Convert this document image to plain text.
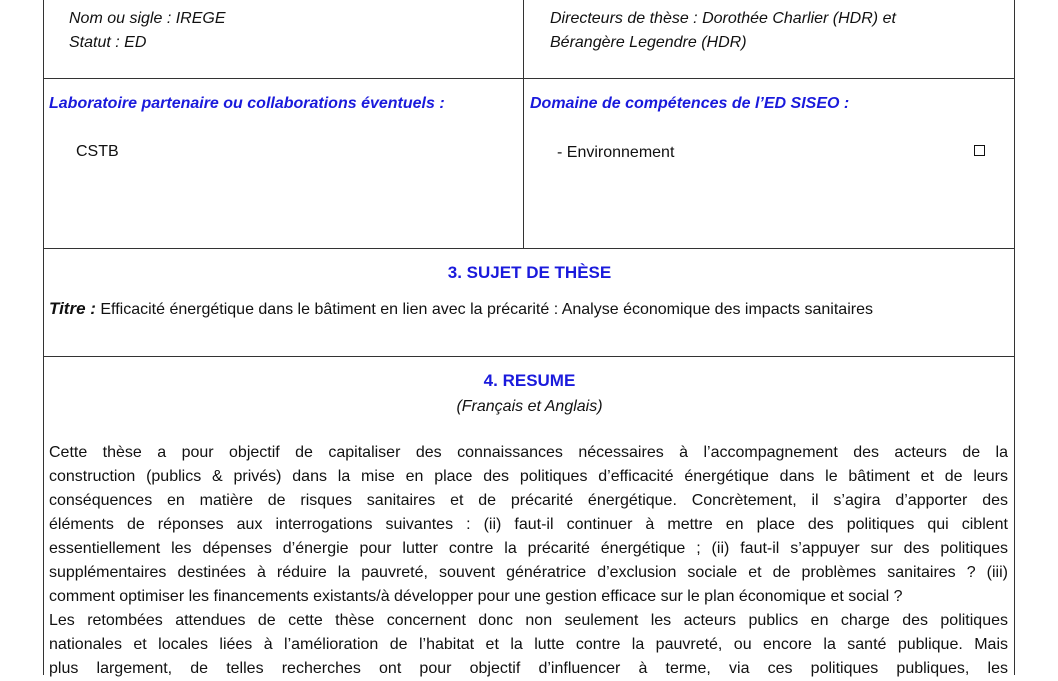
Nom ou sigle : IREGE
Statut : ED
Directeurs de thèse : Dorothée Charlier (HDR) et
Bérangère Legendre (HDR)
Laboratoire partenaire ou collaborations éventuels :
CSTB
Domaine de compétences de l’ED SISEO :
- Environnement
3. SUJET DE THÈSE
Titre : Efficacité énergétique dans le bâtiment en lien avec la précarité : Analyse économique des impacts sanitaires
4. RESUME
(Français et Anglais)
Cette thèse a pour objectif de capitaliser des connaissances nécessaires à l’accompagnement des acteurs de la
construction (publics & privés) dans la mise en place des politiques d’efficacité énergétique dans le bâtiment et de leurs
conséquences en matière de risques sanitaires et de précarité énergétique. Concrètement, il s’agira d’apporter des
éléments de réponses aux interrogations suivantes : (ii) faut-il continuer à mettre en place des politiques qui ciblent
essentiellement les dépenses d’énergie pour lutter contre la précarité énergétique ; (ii) faut-il s’appuyer sur des politiques
supplémentaires destinées à réduire la pauvreté, souvent génératrice d’exclusion sociale et de problèmes sanitaires ? (iii)
comment optimiser les financements existants/à développer pour une gestion efficace sur le plan économique et social ?
Les retombées attendues de cette thèse concernent donc non seulement les acteurs publics en charge des politiques
nationales et locales liées à l’amélioration de l’habitat et la lutte contre la pauvreté, ou encore la santé publique. Mais
plus largement, de telles recherches ont pour objectif d’influencer à terme, via ces politiques publiques, les
